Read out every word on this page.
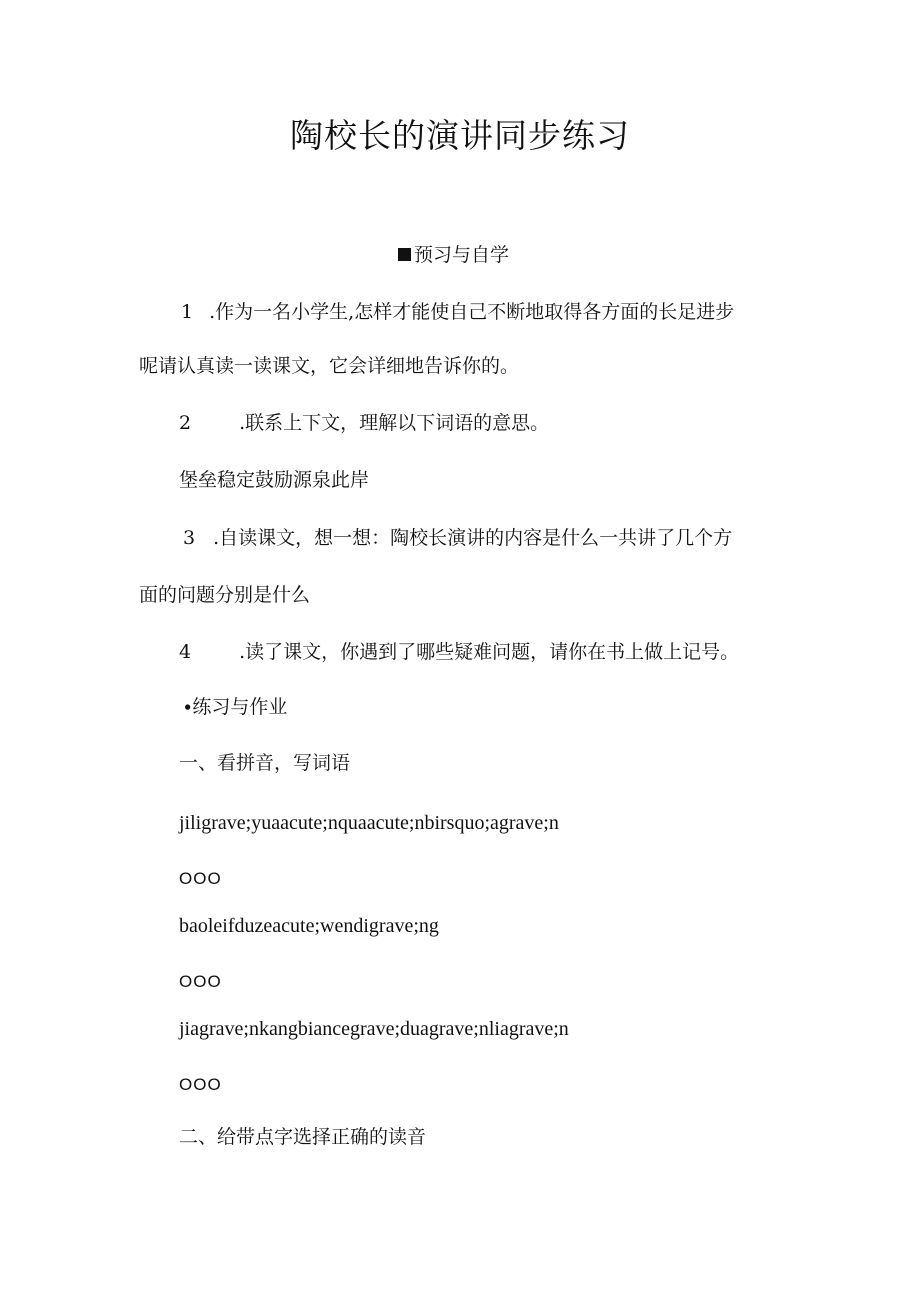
陶校长的演讲同步练习
预习与自学
1 .作为一名小学生,怎样才能使自己不断地取得各方面的长足进步
呢请认真读一读课文，它会详细地告诉你的。
2	.联系上下文，理解以下词语的意思。
堡垒稳定鼓励源泉此岸
3 .自读课文，想一想：陶校长演讲的内容是什么一共讲了几个方
面的问题分别是什么
4	.读了课文，你遇到了哪些疑难问题，请你在书上做上记号。
∙练习与作业
一、看拼音，写词语
jiligrave;yuaacute;nquaacute;nbirsquo;agrave;n
OOO
baoleifduzeacute;wendigrave;ng
OOO
jiagrave;nkangbiancegrave;duagrave;nliagrave;n
OOO
二、给带点字选择正确的读音
